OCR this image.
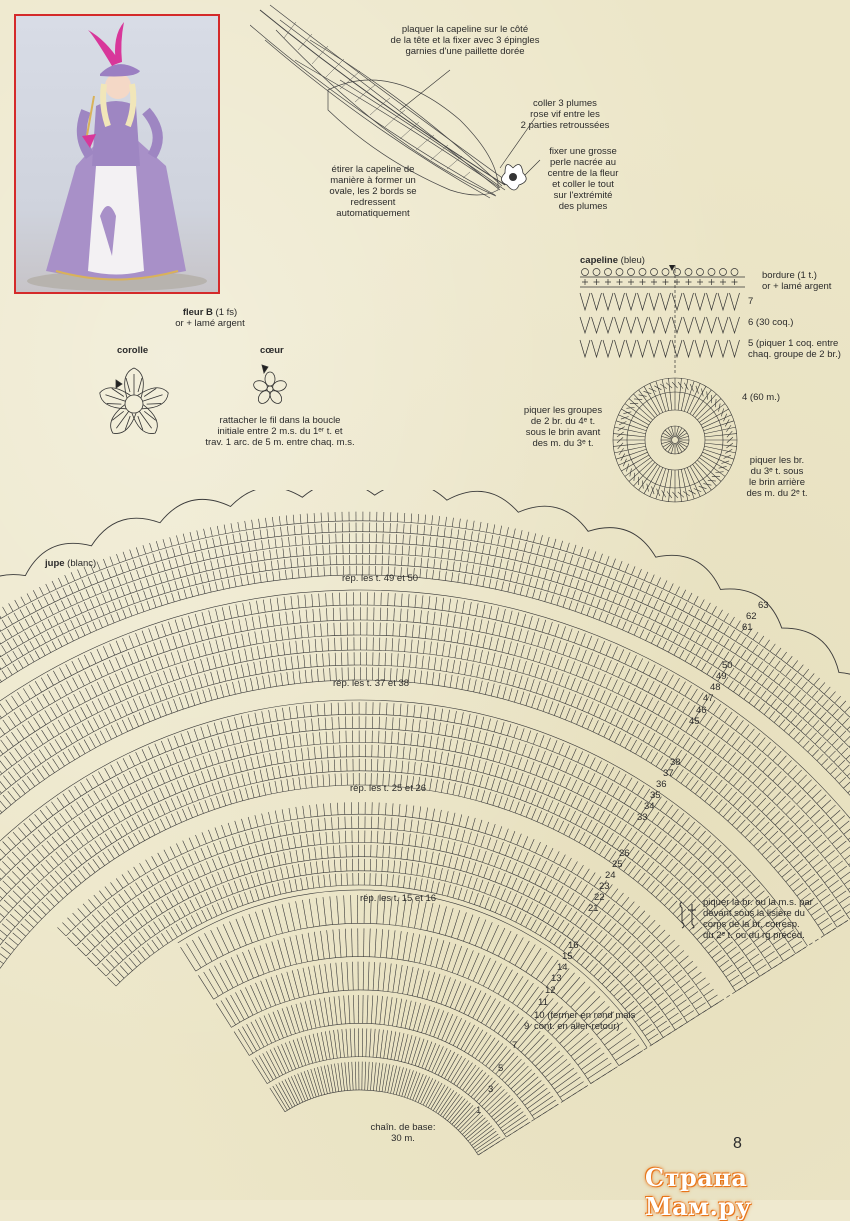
plaquer la capeline sur le côté
de la tête et la fixer avec 3 épingles
garnies d'une paillette dorée
coller 3 plumes
rose vif entre les
2 parties retroussées
fixer une grosse
perle nacrée au
centre de la fleur
et coller le tout
sur l'extrémité
des plumes
étirer la capeline de
manière à former un
ovale, les 2 bords se
redressent
automatiquement
fleur B (1 fs)
or + lamé argent
corolle	cœur
rattacher le fil dans la boucle
initiale entre 2 m.s. du 1ᵉʳ t. et
trav. 1 arc. de 5 m. entre chaq. m.s.
capeline (bleu)
bordure (1 t.)
or + lamé argent
7
6 (30 coq.)
5 (piquer 1 coq. entre
chaq. groupe de 2 br.)
4 (60 m.)
piquer les groupes
de 2 br. du 4ᵉ t.
sous le brin avant
des m. du 3ᵉ t.
piquer les br.
du 3ᵉ t. sous
le brin arrière
des m. du 2ᵉ t.
jupe (blanc)
rép. les t. 49 et 50
rép. les t. 37 et 38
rép. les t. 25 et 26
rép. les t. 15 et 16
63
62
61
50
49
48
47
46
45
38
37
36
35
34
33
26
25
24
23
22
21
16
15
14
13
12
11
9
7
5
3
1
10 (fermer en rond mais
cont. en aller-retour)
chaîn. de base:
30 m.
piquer la br. ou la m.s. par
devant sous la lisière du
corps de la br. corresp.
du 2ᵉ t. ou du rg précéd.
8
Страна Мам.ру
